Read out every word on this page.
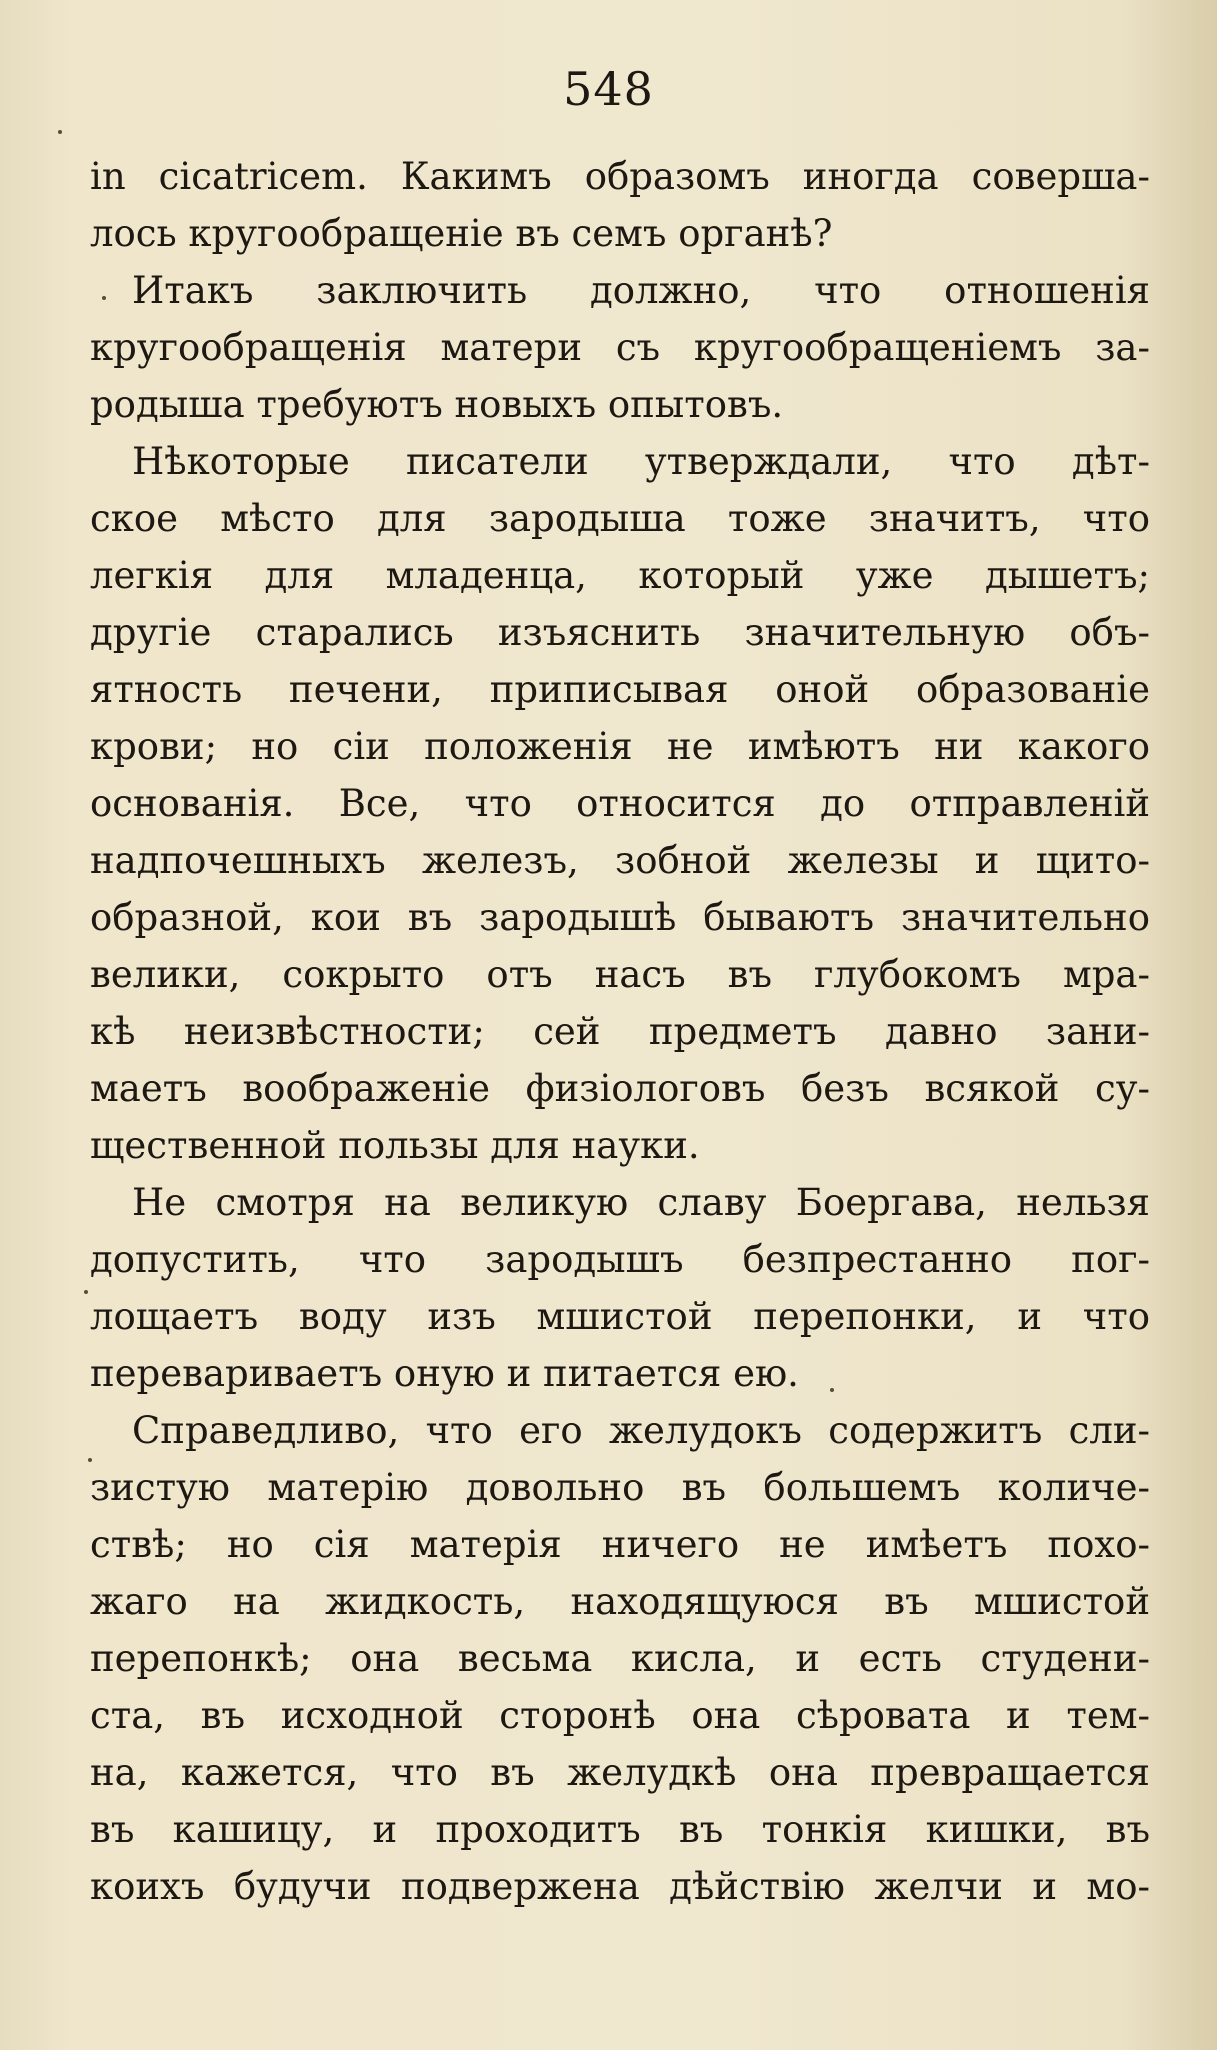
548
in cicatricem. Какимъ образомъ иногда соверша-
лось кругообращеніе въ семъ органѣ?
Итакъ заключить должно, что отношенія
кругообращенія матери съ кругообращеніемъ за-
родыша требуютъ новыхъ опытовъ.
Нѣкоторые писатели утверждали, что дѣт-
ское мѣсто для зародыша тоже значитъ, что
легкія для младенца, который уже дышетъ;
другіе старались изъяснить значительную объ-
ятность печени, приписывая оной образованіе
крови; но сіи положенія не имѣютъ ни какого
основанія. Все, что относится до отправленій
надпочешныхъ железъ, зобной железы и щито-
образной, кои въ зародышѣ бываютъ значительно
велики, сокрыто отъ насъ въ глубокомъ мра-
кѣ неизвѣстности; сей предметъ давно зани-
маетъ воображеніе физіологовъ безъ всякой су-
щественной пользы для науки.
Не смотря на великую славу Боергава, нельзя
допустить, что зародышъ безпрестанно пог-
лощаетъ воду изъ мшистой перепонки, и что
перевариваетъ оную и питается ею.
Справедливо, что его желудокъ содержитъ сли-
зистую матерію довольно въ большемъ количе-
ствѣ; но сія матерія ничего не имѣетъ похо-
жаго на жидкость, находящуюся въ мшистой
перепонкѣ; она весьма кисла, и есть студени-
ста, въ исходной сторонѣ она сѣровата и тем-
на, кажется, что въ желудкѣ она превращается
въ кашицу, и проходитъ въ тонкія кишки, въ
коихъ будучи подвержена дѣйствію желчи и мо-
